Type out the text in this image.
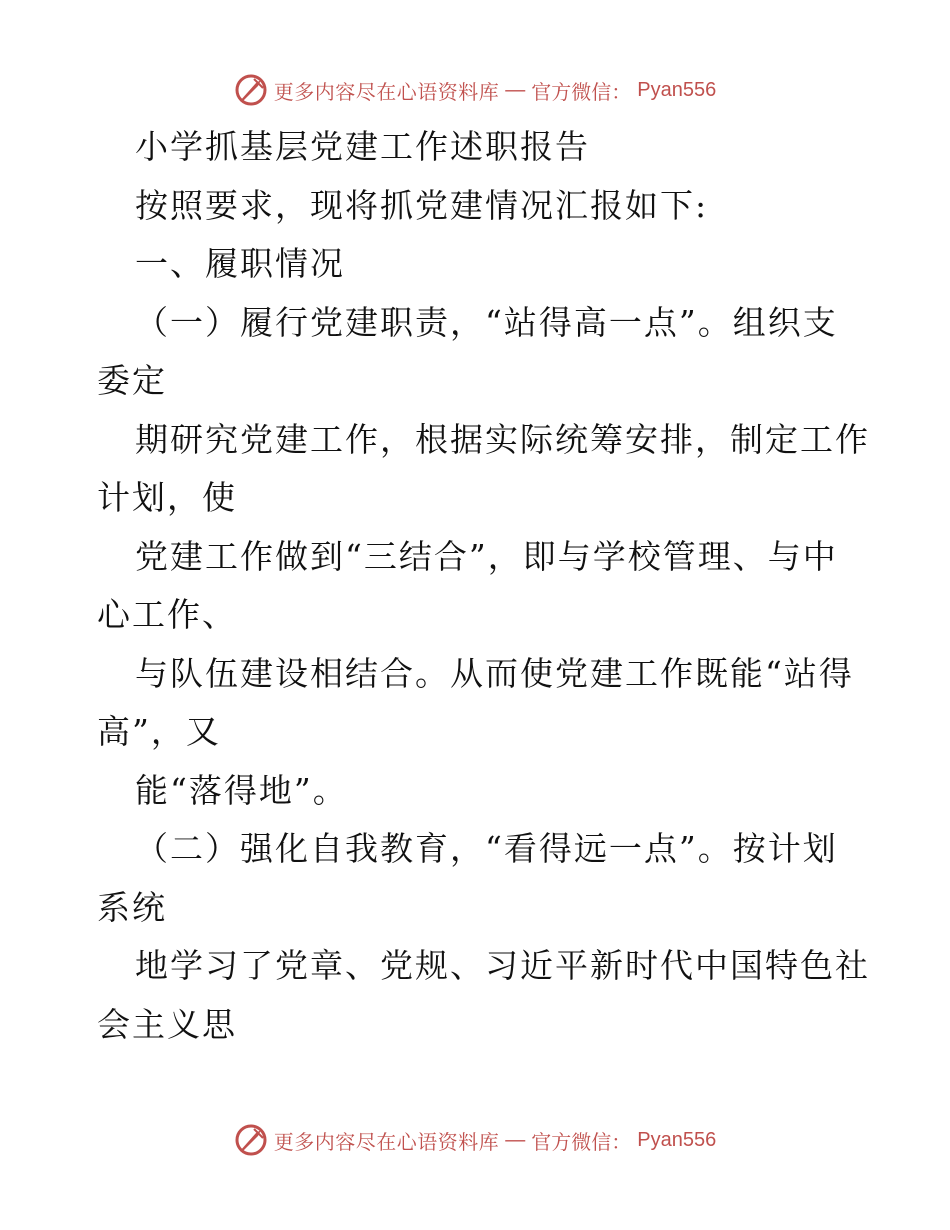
更多内容尽在心语资料库 — 官方微信： Pyan556
小学抓基层党建工作述职报告
按照要求，现将抓党建情况汇报如下:
一、履职情况
（一）履行党建职责，“站得高一点”。组织支
委定
期研究党建工作，根据实际统筹安排，制定工作
计划，使
党建工作做到“三结合”，即与学校管理、与中
心工作、
与队伍建设相结合。从而使党建工作既能“站得
高”，又
能“落得地”。
（二）强化自我教育，“看得远一点”。按计划
系统
地学习了党章、党规、习近平新时代中国特色社
会主义思
更多内容尽在心语资料库 — 官方微信： Pyan556
